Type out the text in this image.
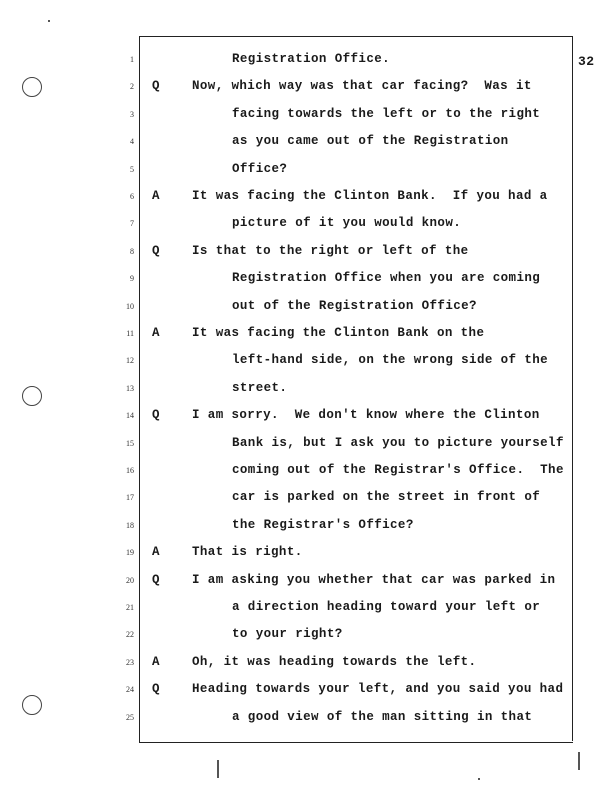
32
1	Registration Office.
2 Q	Now, which way was that car facing?  Was it
3	facing towards the left or to the right
4	as you came out of the Registration
5	Office?
6 A	It was facing the Clinton Bank.  If you had a
7	picture of it you would know.
8 Q	Is that to the right or left of the
9	Registration Office when you are coming
10	out of the Registration Office?
11 A	It was facing the Clinton Bank on the
12	left-hand side, on the wrong side of the
13	street.
14 Q	I am sorry.  We don't know where the Clinton
15	Bank is, but I ask you to picture yourself
16	coming out of the Registrar's Office.  The
17	car is parked on the street in front of
18	the Registrar's Office?
19 A	That is right.
20 Q	I am asking you whether that car was parked in
21	a direction heading toward your left or
22	to your right?
23 A	Oh, it was heading towards the left.
24 Q	Heading towards your left, and you said you had
25	a good view of the man sitting in that
